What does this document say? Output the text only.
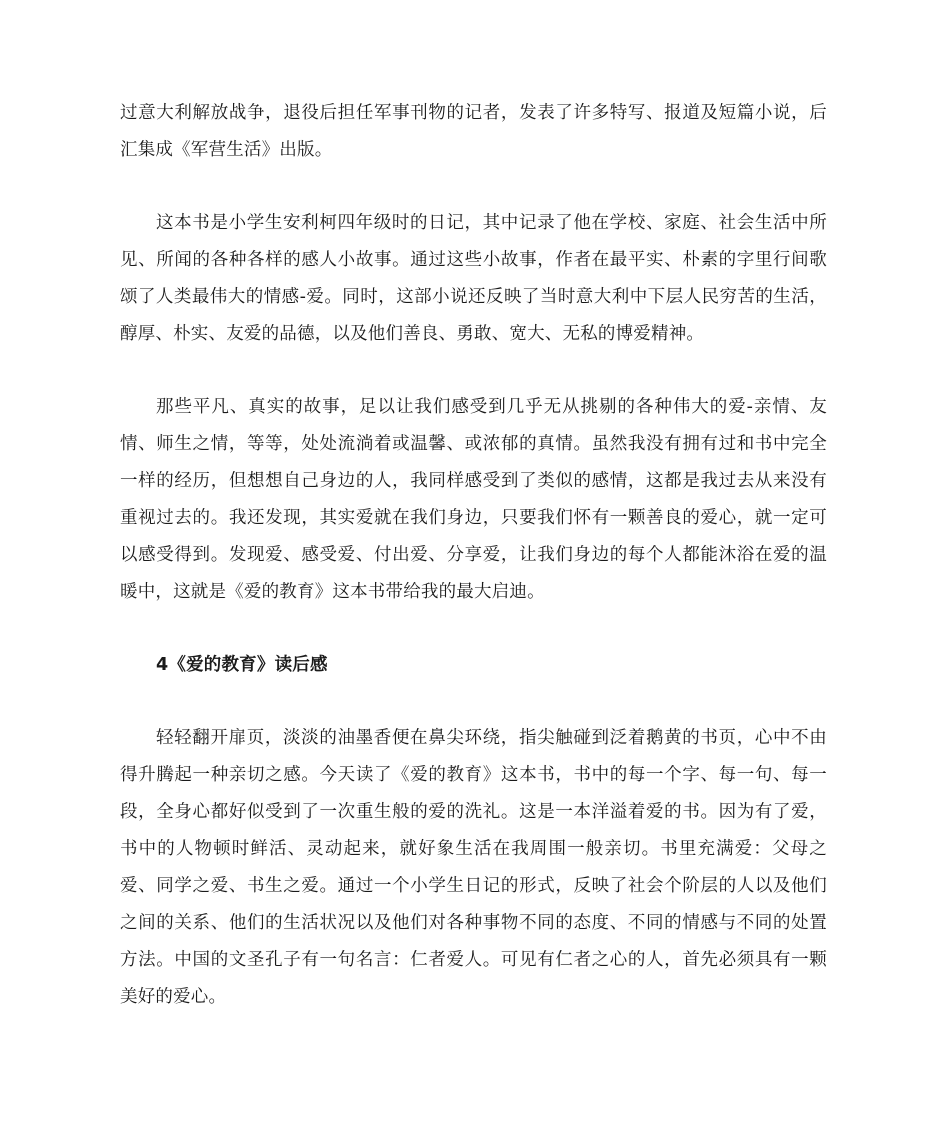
过意大利解放战争，退役后担任军事刊物的记者，发表了许多特写、报道及短篇小说，后汇集成《军营生活》出版。

这本书是小学生安利柯四年级时的日记，其中记录了他在学校、家庭、社会生活中所见、所闻的各种各样的感人小故事。通过这些小故事，作者在最平实、朴素的字里行间歌颂了人类最伟大的情感-爱。同时，这部小说还反映了当时意大利中下层人民穷苦的生活，醇厚、朴实、友爱的品德，以及他们善良、勇敢、宽大、无私的博爱精神。

那些平凡、真实的故事，足以让我们感受到几乎无从挑剔的各种伟大的爱-亲情、友情、师生之情，等等，处处流淌着或温馨、或浓郁的真情。虽然我没有拥有过和书中完全一样的经历，但想想自己身边的人，我同样感受到了类似的感情，这都是我过去从来没有重视过去的。我还发现，其实爱就在我们身边，只要我们怀有一颗善良的爱心，就一定可以感受得到。发现爱、感受爱、付出爱、分享爱，让我们身边的每个人都能沐浴在爱的温暖中，这就是《爱的教育》这本书带给我的最大启迪。

4《爱的教育》读后感

轻轻翻开扉页，淡淡的油墨香便在鼻尖环绕，指尖触碰到泛着鹅黄的书页，心中不由得升腾起一种亲切之感。今天读了《爱的教育》这本书，书中的每一个字、每一句、每一段，全身心都好似受到了一次重生般的爱的洗礼。这是一本洋溢着爱的书。因为有了爱，书中的人物顿时鲜活、灵动起来，就好象生活在我周围一般亲切。书里充满爱：父母之爱、同学之爱、书生之爱。通过一个小学生日记的形式，反映了社会个阶层的人以及他们之间的关系、他们的生活状况以及他们对各种事物不同的态度、不同的情感与不同的处置方法。中国的文圣孔子有一句名言：仁者爱人。可见有仁者之心的人，首先必须具有一颗美好的爱心。
